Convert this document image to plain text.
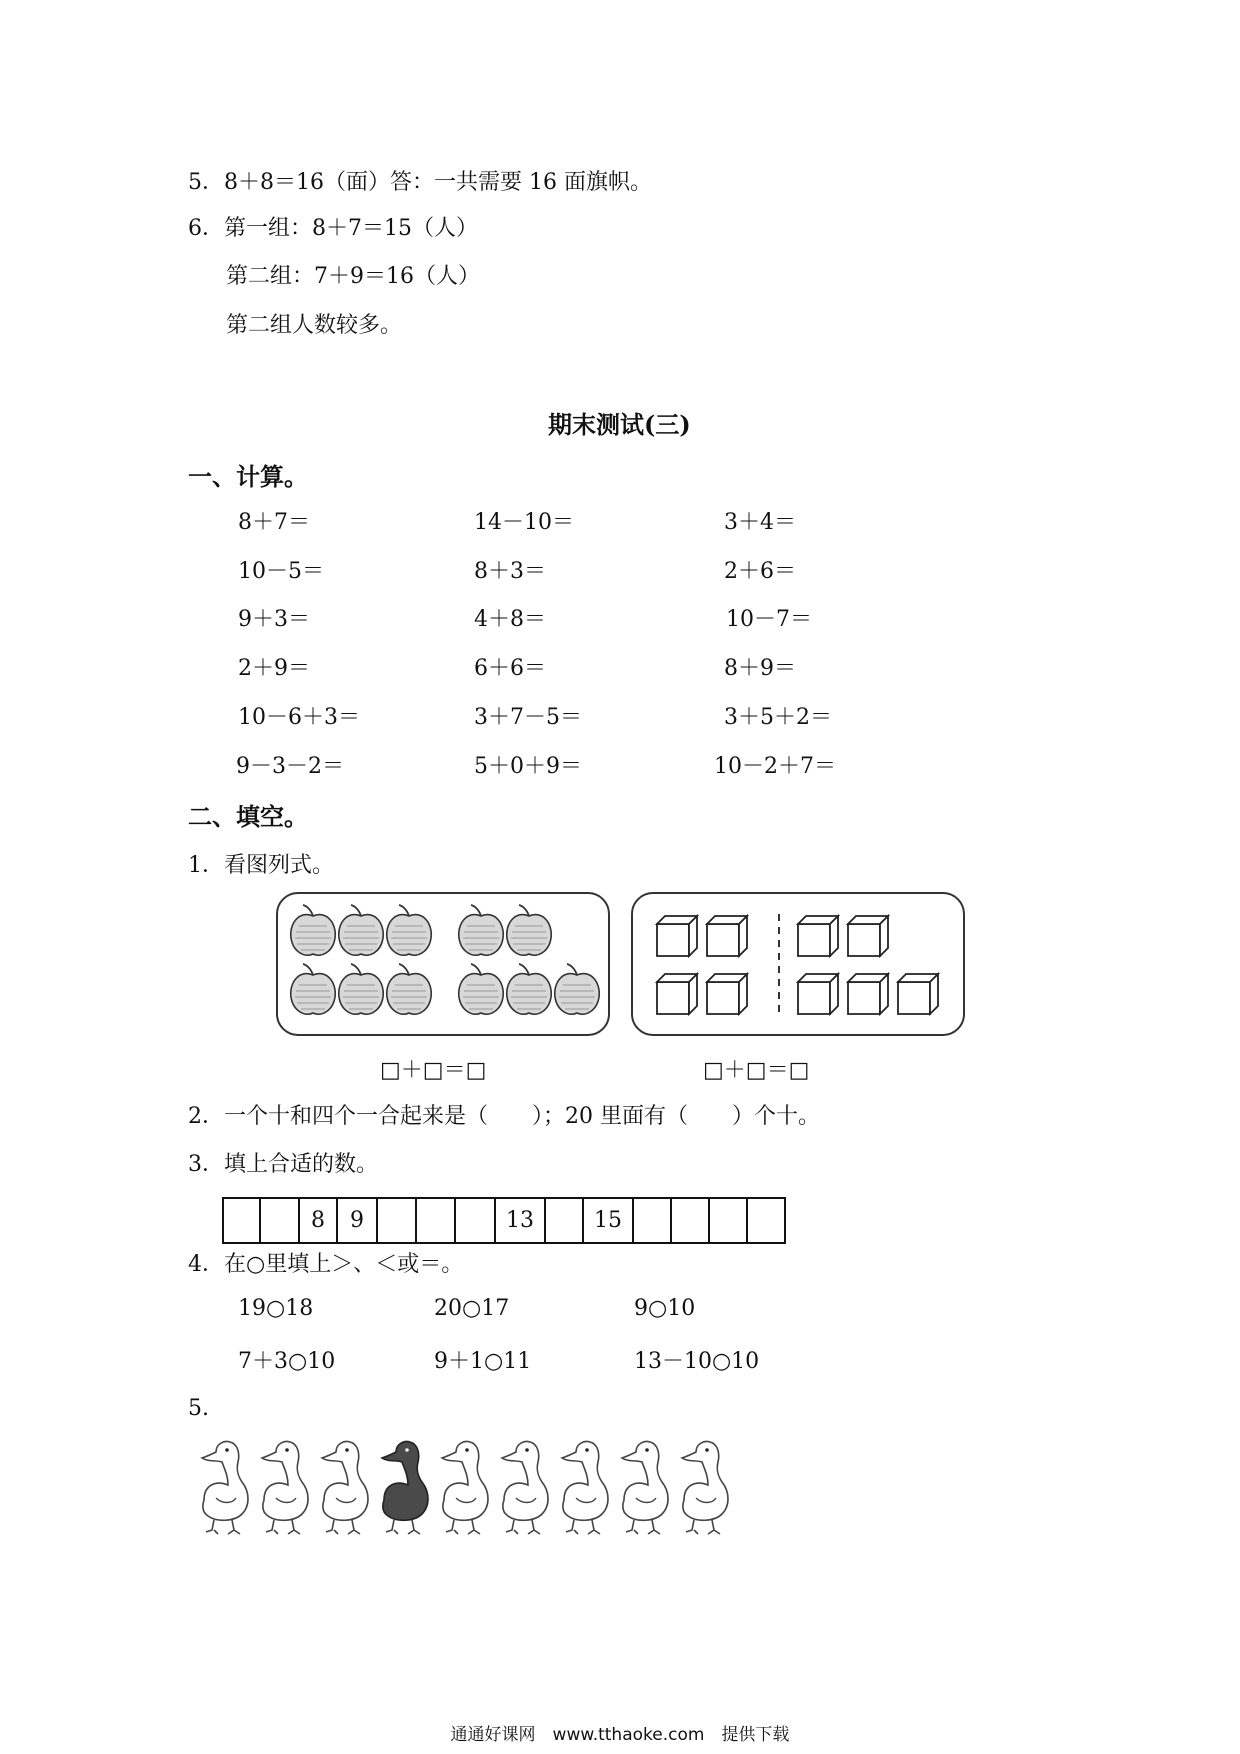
5．8＋8＝16（面）答：一共需要 16 面旗帜。
6．第一组：8＋7＝15（人）
第二组：7＋9＝16（人）
第二组人数较多。
期末测试(三)
一、计算。
8＋7＝	14－10＝	3＋4＝
10－5＝	8＋3＝	2＋6＝
9＋3＝	4＋8＝	10－7＝
2＋9＝	6＋6＝	8＋9＝
10－6＋3＝	3＋7－5＝	3＋5＋2＝
9－3－2＝	5＋0＋9＝	10－2＋7＝
二、填空。
1．看图列式。
□＋□＝□	□＋□＝□
2．一个十和四个一合起来是（　　）；20 里面有（　　）个十。
3．填上合适的数。
8	9	13	15
4．在○里填上＞、＜或＝。
19○18	20○17	9○10
7＋3○10	9＋1○11	13－10○10
5.
通通好课网　www.tthaoke.com　提供下载
